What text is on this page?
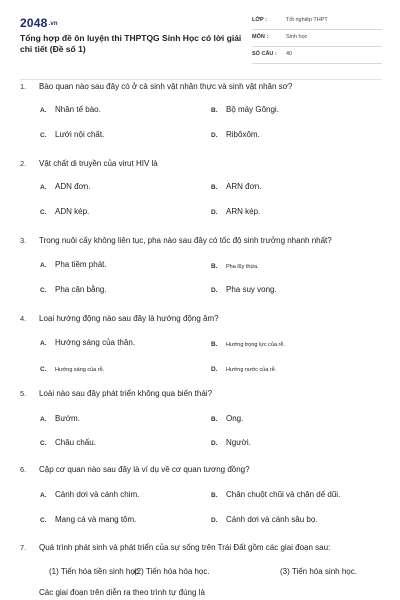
2048.vn
Tổng hợp đề ôn luyện thi THPTQG Sinh Học có lời giải chi tiết (Đề số 1)
LỚP :	Tốt nghiệp THPT
MÔN :	Sinh học
SỐ CÂU : 40
1. Bào quan nào sau đây có ở cả sinh vật nhân thực và sinh vật nhân sơ?
A. Nhân tế bào.	B. Bộ máy Gôngi.
C. Lưới nội chất.	D. Ribôxôm.
2. Vật chất di truyền của virut HIV là
A. ADN đơn.	B. ARN đơn.
C. ADN kép.	D. ARN kép.
3. Trong nuôi cấy không liên tục, pha nào sau đây có tốc độ sinh trưởng nhanh nhất?
A. Pha tiềm phát.	B. Pha lũy thừa.
C. Pha cân bằng.	D. Pha suy vong.
4. Loại hướng động nào sau đây là hướng động âm?
A. Hướng sáng của thân.	B. Hướng trọng lực của rễ.
C. Hướng sáng của rễ.	D. Hướng nước của rễ.
5. Loài nào sau đây phát triển không qua biến thái?
A. Bướm.	B. Ong.
C. Châu chấu.	D. Người.
6. Cặp cơ quan nào sau đây là ví dụ về cơ quan tương đồng?
A. Cánh dơi và cánh chim.	B. Chân chuột chũi và chân dế dũi.
C. Mang cá và mang tôm.	D. Cánh dơi và cánh sâu bọ.
7. Quá trình phát sinh và phát triển của sự sống trên Trái Đất gồm các giai đoạn sau:
(1) Tiến hóa tiền sinh học.
(2) Tiến hóa hóa học.	(3) Tiến hóa sinh học.
Các giai đoạn trên diễn ra theo trình tự đúng là
